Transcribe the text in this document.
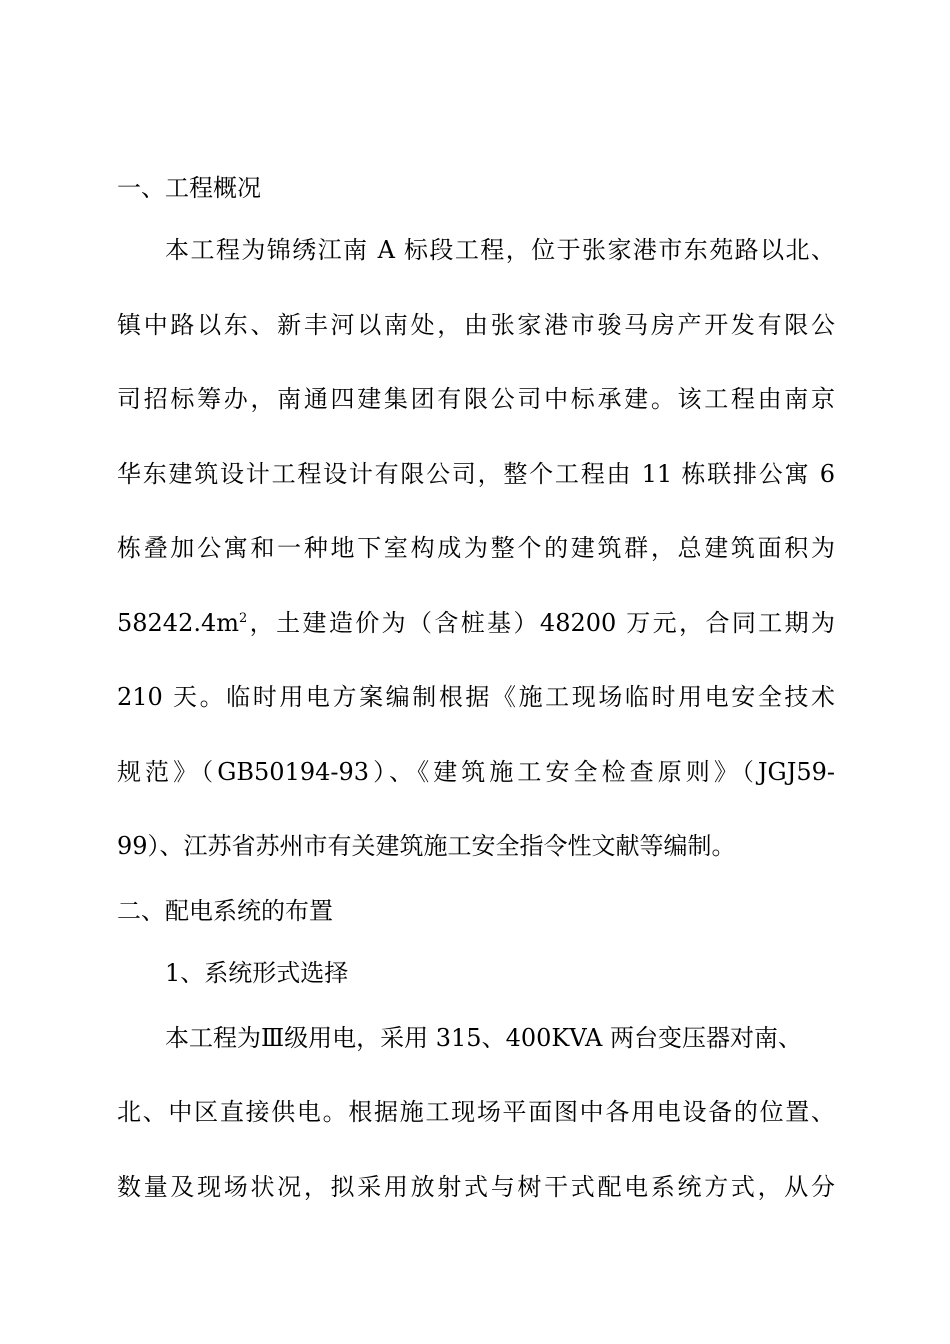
一、工程概况
本工程为锦绣江南 A 标段工程，位于张家港市东苑路以北、
镇中路以东、新丰河以南处，由张家港市骏马房产开发有限公
司招标筹办，南通四建集团有限公司中标承建。该工程由南京
华东建筑设计工程设计有限公司，整个工程由 11 栋联排公寓 6
栋叠加公寓和一种地下室构成为整个的建筑群，总建筑面积为
$58242.4m^2$，土建造价为（含桩基）48200 万元，合同工期为
210 天。临时用电方案编制根据《施工现场临时用电安全技术
规范》（GB50194-93）、《建筑施工安全检查原则》（JGJ59-
99）、江苏省苏州市有关建筑施工安全指令性文献等编制。
二、配电系统的布置
1、系统形式选择
本工程为Ⅲ级用电，采用 315、400KVA 两台变压器对南、
北、中区直接供电。根据施工现场平面图中各用电设备的位置、
数量及现场状况，拟采用放射式与树干式配电系统方式，从分
